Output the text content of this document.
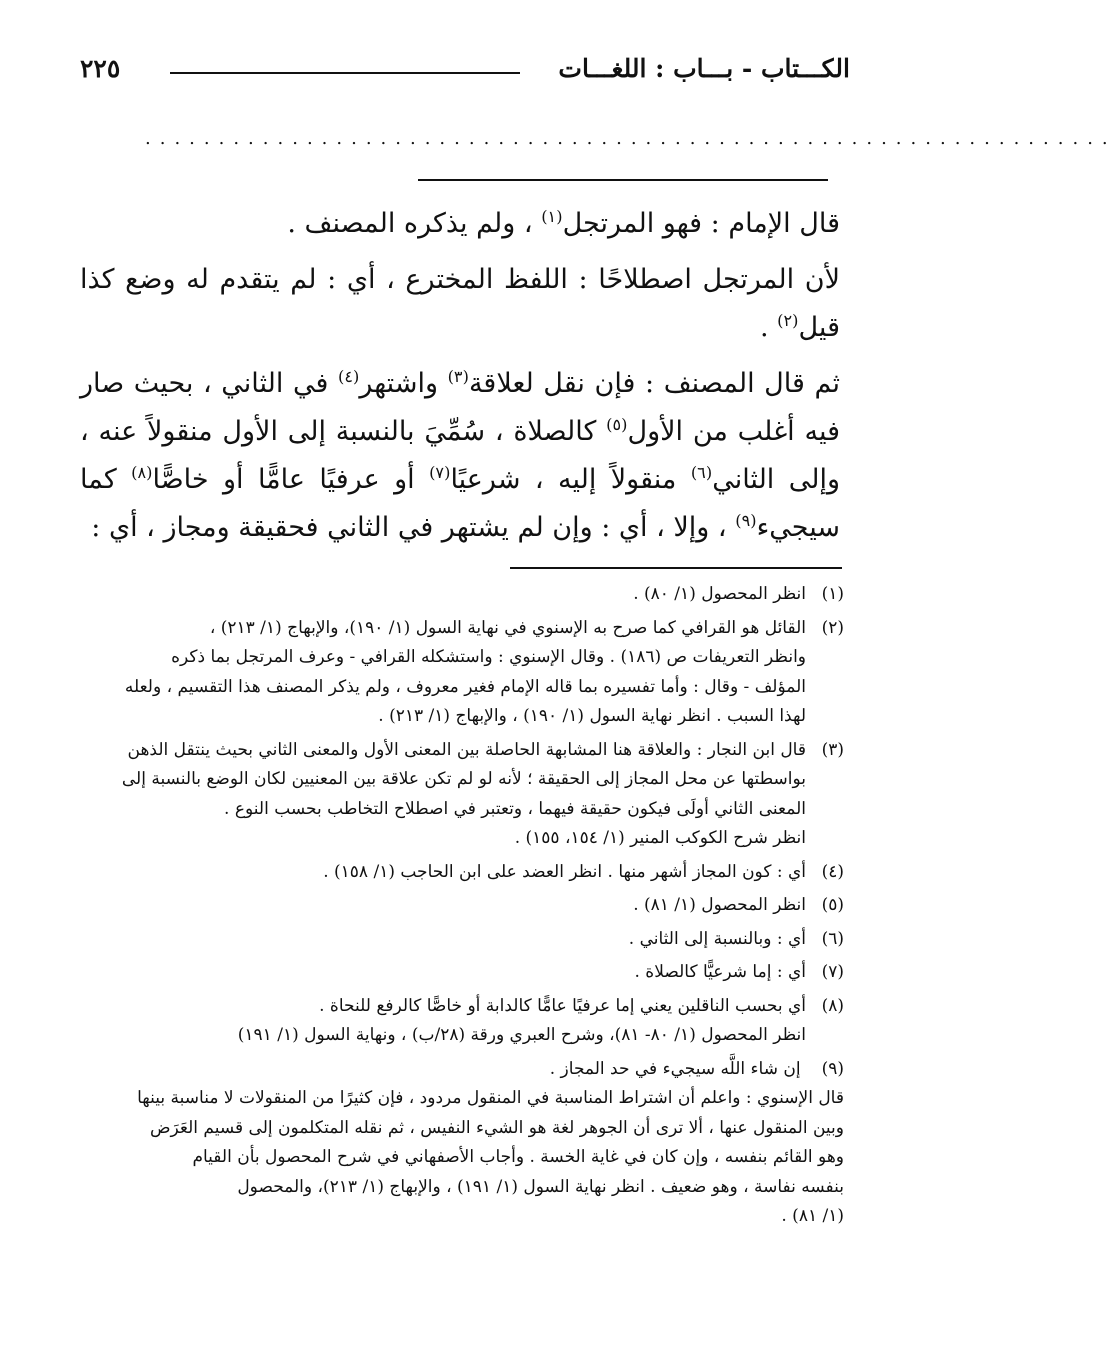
الكـــتاب - بـــاب : اللغـــات
٢٢٥
..................................................................

قال الإمام : فهو المرتجل$^{(١)}$ ، ولم يذكره المصنف .

لأن المرتجل اصطلاحًا : اللفظ المخترع ، أي : لم يتقدم له وضع كذا قيل$^{(٢)}$ .

ثم قال المصنف : فإن نقل لعلاقة$^{(٣)}$ واشتهر$^{(٤)}$ في الثاني ، بحيث صار فيه أغلب من الأول$^{(٥)}$ كالصلاة ، سُمِّيَ بالنسبة إلى الأول منقولاً عنه ، وإلى الثاني$^{(٦)}$ منقولاً إليه ، شرعيًا$^{(٧)}$ أو عرفيًا عامًّا أو خاصًّا$^{(٨)}$ كما سيجيء$^{(٩)}$ ، وإلا ، أي : وإن لم يشتهر في الثاني فحقيقة ومجاز ، أي :

(١)
انظر المحصول (١/ ٨٠) .
(٢)
القائل هو القرافي كما صرح به الإسنوي في نهاية السول (١/ ١٩٠)، والإبهاج (١/ ٢١٣) ،
وانظر التعريفات ص (١٨٦) . وقال الإسنوي : واستشكله القرافي - وعرف المرتجل بما ذكره
المؤلف - وقال : وأما تفسيره بما قاله الإمام فغير معروف ، ولم يذكر المصنف هذا التقسيم ، ولعله
لهذا السبب . انظر نهاية السول (١/ ١٩٠) ، والإبهاج (١/ ٢١٣) .
(٣)
قال ابن النجار : والعلاقة هنا المشابهة الحاصلة بين المعنى الأول والمعنى الثاني بحيث ينتقل الذهن
بواسطتها عن محل المجاز إلى الحقيقة ؛ لأنه لو لم تكن علاقة بين المعنيين لكان الوضع بالنسبة إلى
المعنى الثاني أولَى فيكون حقيقة فيهما ، وتعتبر في اصطلاح التخاطب بحسب النوع .
انظر شرح الكوكب المنير (١/ ١٥٤، ١٥٥) .
(٤)
أي : كون المجاز أشهر منها . انظر العضد على ابن الحاجب (١/ ١٥٨) .
(٥)
انظر المحصول (١/ ٨١) .
(٦)
أي : وبالنسبة إلى الثاني .
(٧)
أي : إما شرعيًّا كالصلاة .
(٨)
أي بحسب الناقلين يعني إما عرفيًا عامًّا كالدابة أو خاصًّا كالرفع للنحاة .
انظر المحصول (١/ ٨٠- ٨١)، وشرح العبري ورقة (٢٨/ب) ، ونهاية السول (١/ ١٩١)
(٩) إن شاء اللَّه سيجيء في حد المجاز .
قال الإسنوي : واعلم أن اشتراط المناسبة في المنقول مردود ، فإن كثيرًا من المنقولات لا مناسبة بينها
وبين المنقول عنها ، ألا ترى أن الجوهر لغة هو الشيء النفيس ، ثم نقله المتكلمون إلى قسيم العَرَض
وهو القائم بنفسه ، وإن كان في غاية الخسة . وأجاب الأصفهاني في شرح المحصول بأن القيام
بنفسه نفاسة ، وهو ضعيف . انظر نهاية السول (١/ ١٩١) ، والإبهاج (١/ ٢١٣)، والمحصول
(١/ ٨١) .
